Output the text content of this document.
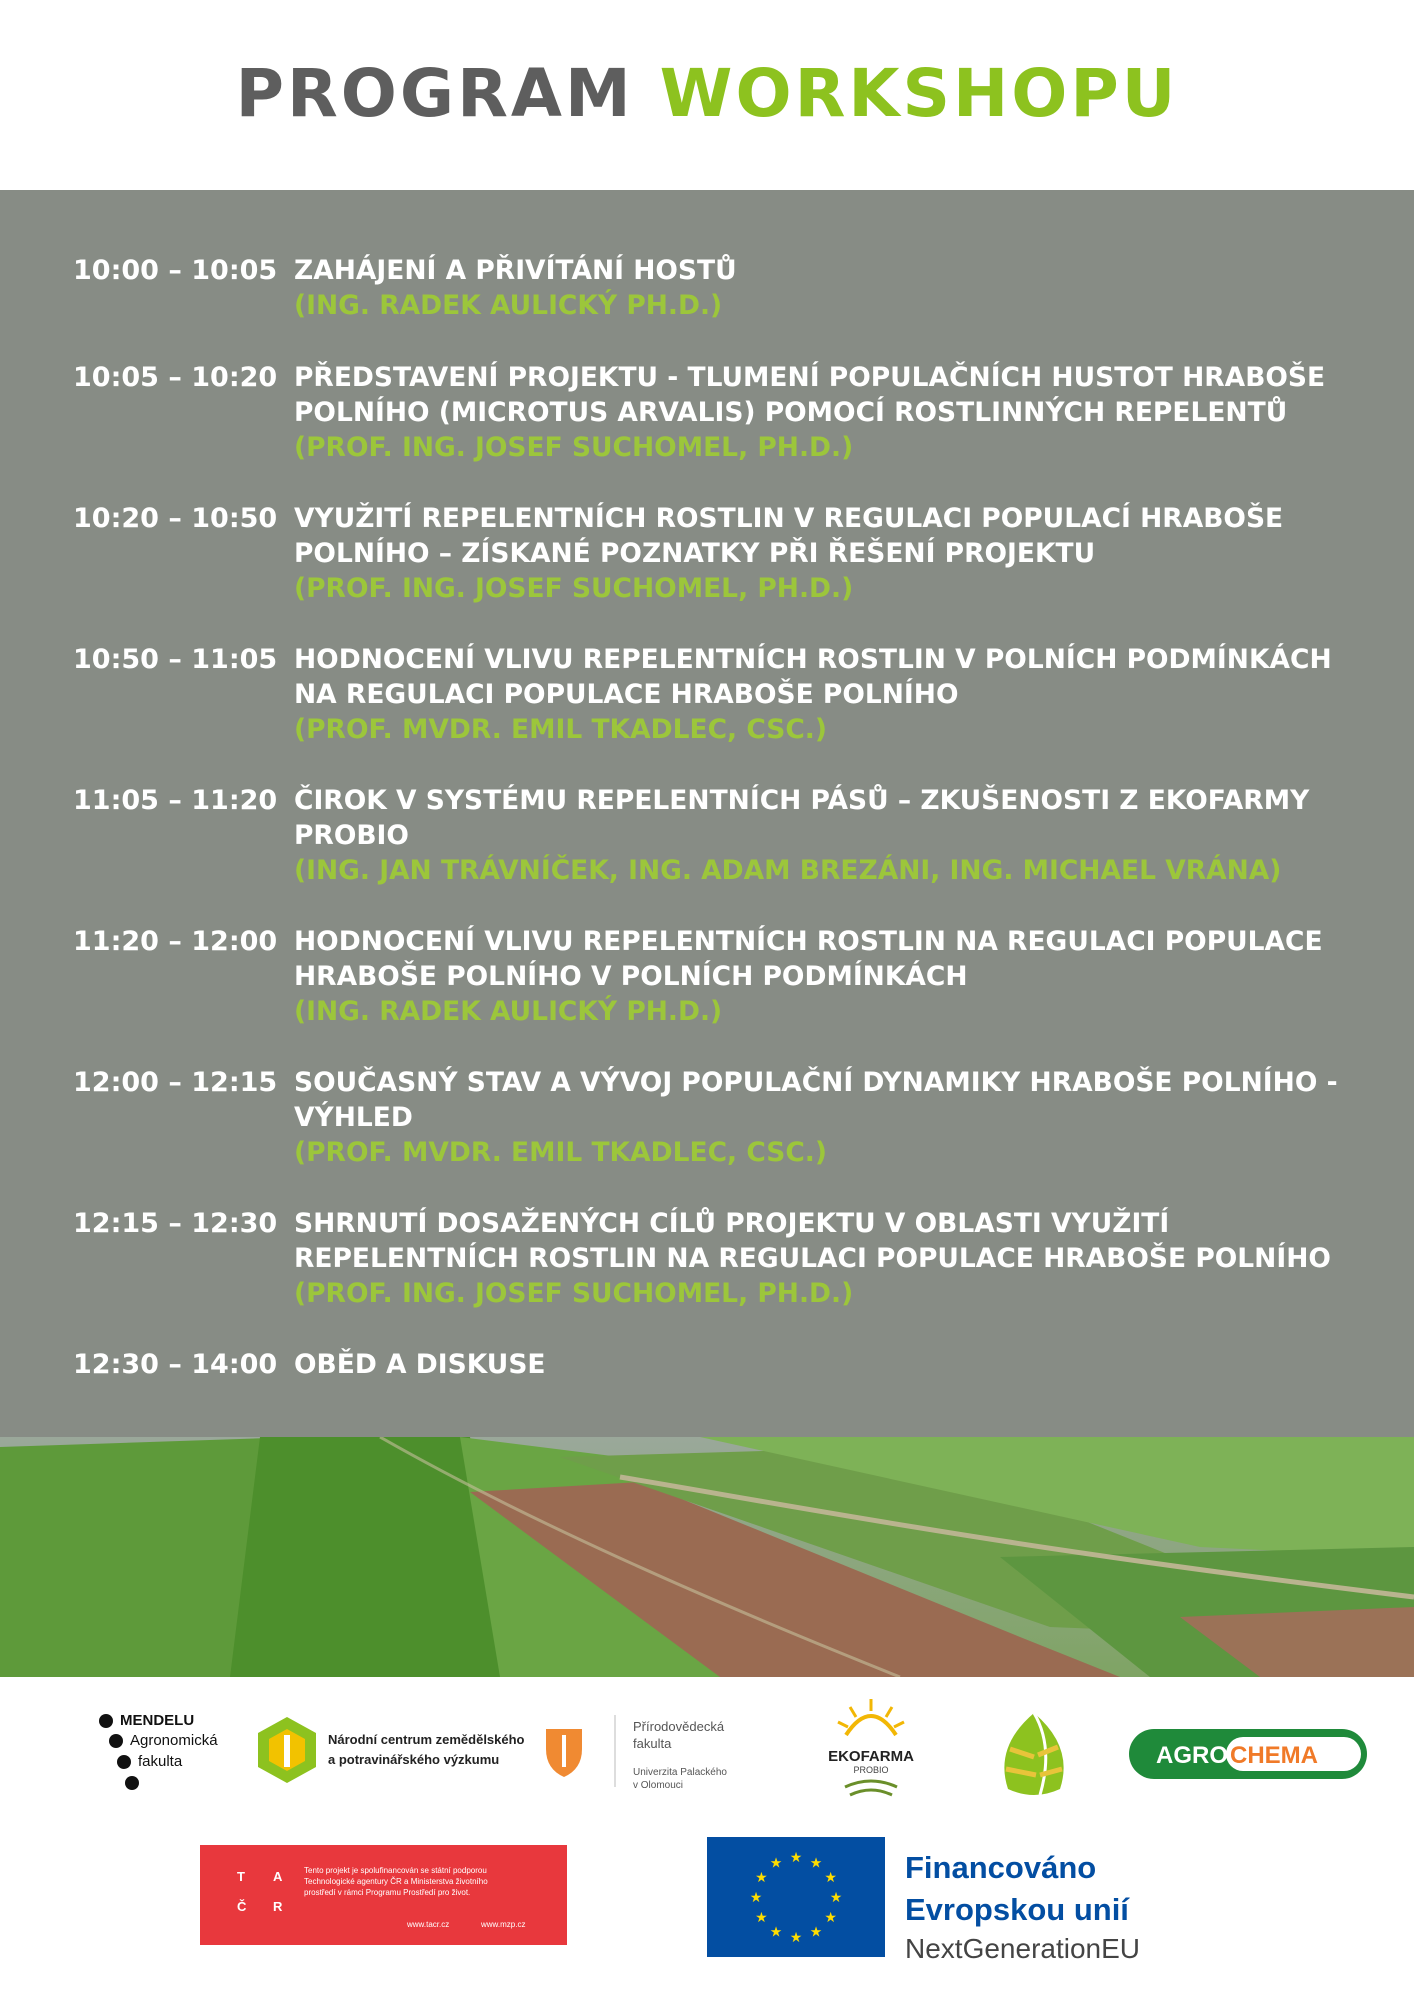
PROGRAM WORKSHOPU
10:00 – 10:05 ZAHÁJENÍ A PŘIVÍTÁNÍ HOSTŮ
(ING. RADEK AULICKÝ PH.D.)
10:05 – 10:20 PŘEDSTAVENÍ PROJEKTU - TLUMENÍ POPULAČNÍCH HUSTOT HRABOŠE
POLNÍHO (MICROTUS ARVALIS) POMOCÍ ROSTLINNÝCH REPELENTŮ
(PROF. ING. JOSEF SUCHOMEL, PH.D.)
10:20 – 10:50 VYUŽITÍ REPELENTNÍCH ROSTLIN V REGULACI POPULACÍ HRABOŠE
POLNÍHO – ZÍSKANÉ POZNATKY PŘI ŘEŠENÍ PROJEKTU
(PROF. ING. JOSEF SUCHOMEL, PH.D.)
10:50 – 11:05 HODNOCENÍ VLIVU REPELENTNÍCH ROSTLIN V POLNÍCH PODMÍNKÁCH
NA REGULACI POPULACE HRABOŠE POLNÍHO
(PROF. MVDR. EMIL TKADLEC, CSC.)
11:05 – 11:20 ČIROK V SYSTÉMU REPELENTNÍCH PÁSŮ – ZKUŠENOSTI Z EKOFARMY
PROBIO
(ING. JAN TRÁVNÍČEK, ING. ADAM BREZÁNI, ING. MICHAEL VRÁNA)
11:20 – 12:00 HODNOCENÍ VLIVU REPELENTNÍCH ROSTLIN NA REGULACI POPULACE
HRABOŠE POLNÍHO V POLNÍCH PODMÍNKÁCH
(ING. RADEK AULICKÝ PH.D.)
12:00 – 12:15 SOUČASNÝ STAV A VÝVOJ POPULAČNÍ DYNAMIKY HRABOŠE POLNÍHO -
VÝHLED
(PROF. MVDR. EMIL TKADLEC, CSC.)
12:15 – 12:30 SHRNUTÍ DOSAŽENÝCH CÍLŮ PROJEKTU V OBLASTI VYUŽITÍ
REPELENTNÍCH ROSTLIN NA REGULACI POPULACE HRABOŠE POLNÍHO
(PROF. ING. JOSEF SUCHOMEL, PH.D.)
12:30 – 14:00 OBĚD A DISKUSE
MENDELU
Agronomická
fakulta
Národní centrum zemědělského
a potravinářského výzkumu
Přírodovědecká
fakulta
Univerzita Palackého
v Olomouci
EKOFARMA
PROBIO
AGRO CHEMA
T A
Č R
Tento projekt je spolufinancován se státní podporou
Technologické agentury ČR a Ministerstva životního
prostředí v rámci Programu Prostředí pro život.
www.tacr.cz	www.mzp.cz
★ ★
★
★
★
★
★
★
★
★
★
★	Financováno
Evropskou unií
NextGenerationEU
